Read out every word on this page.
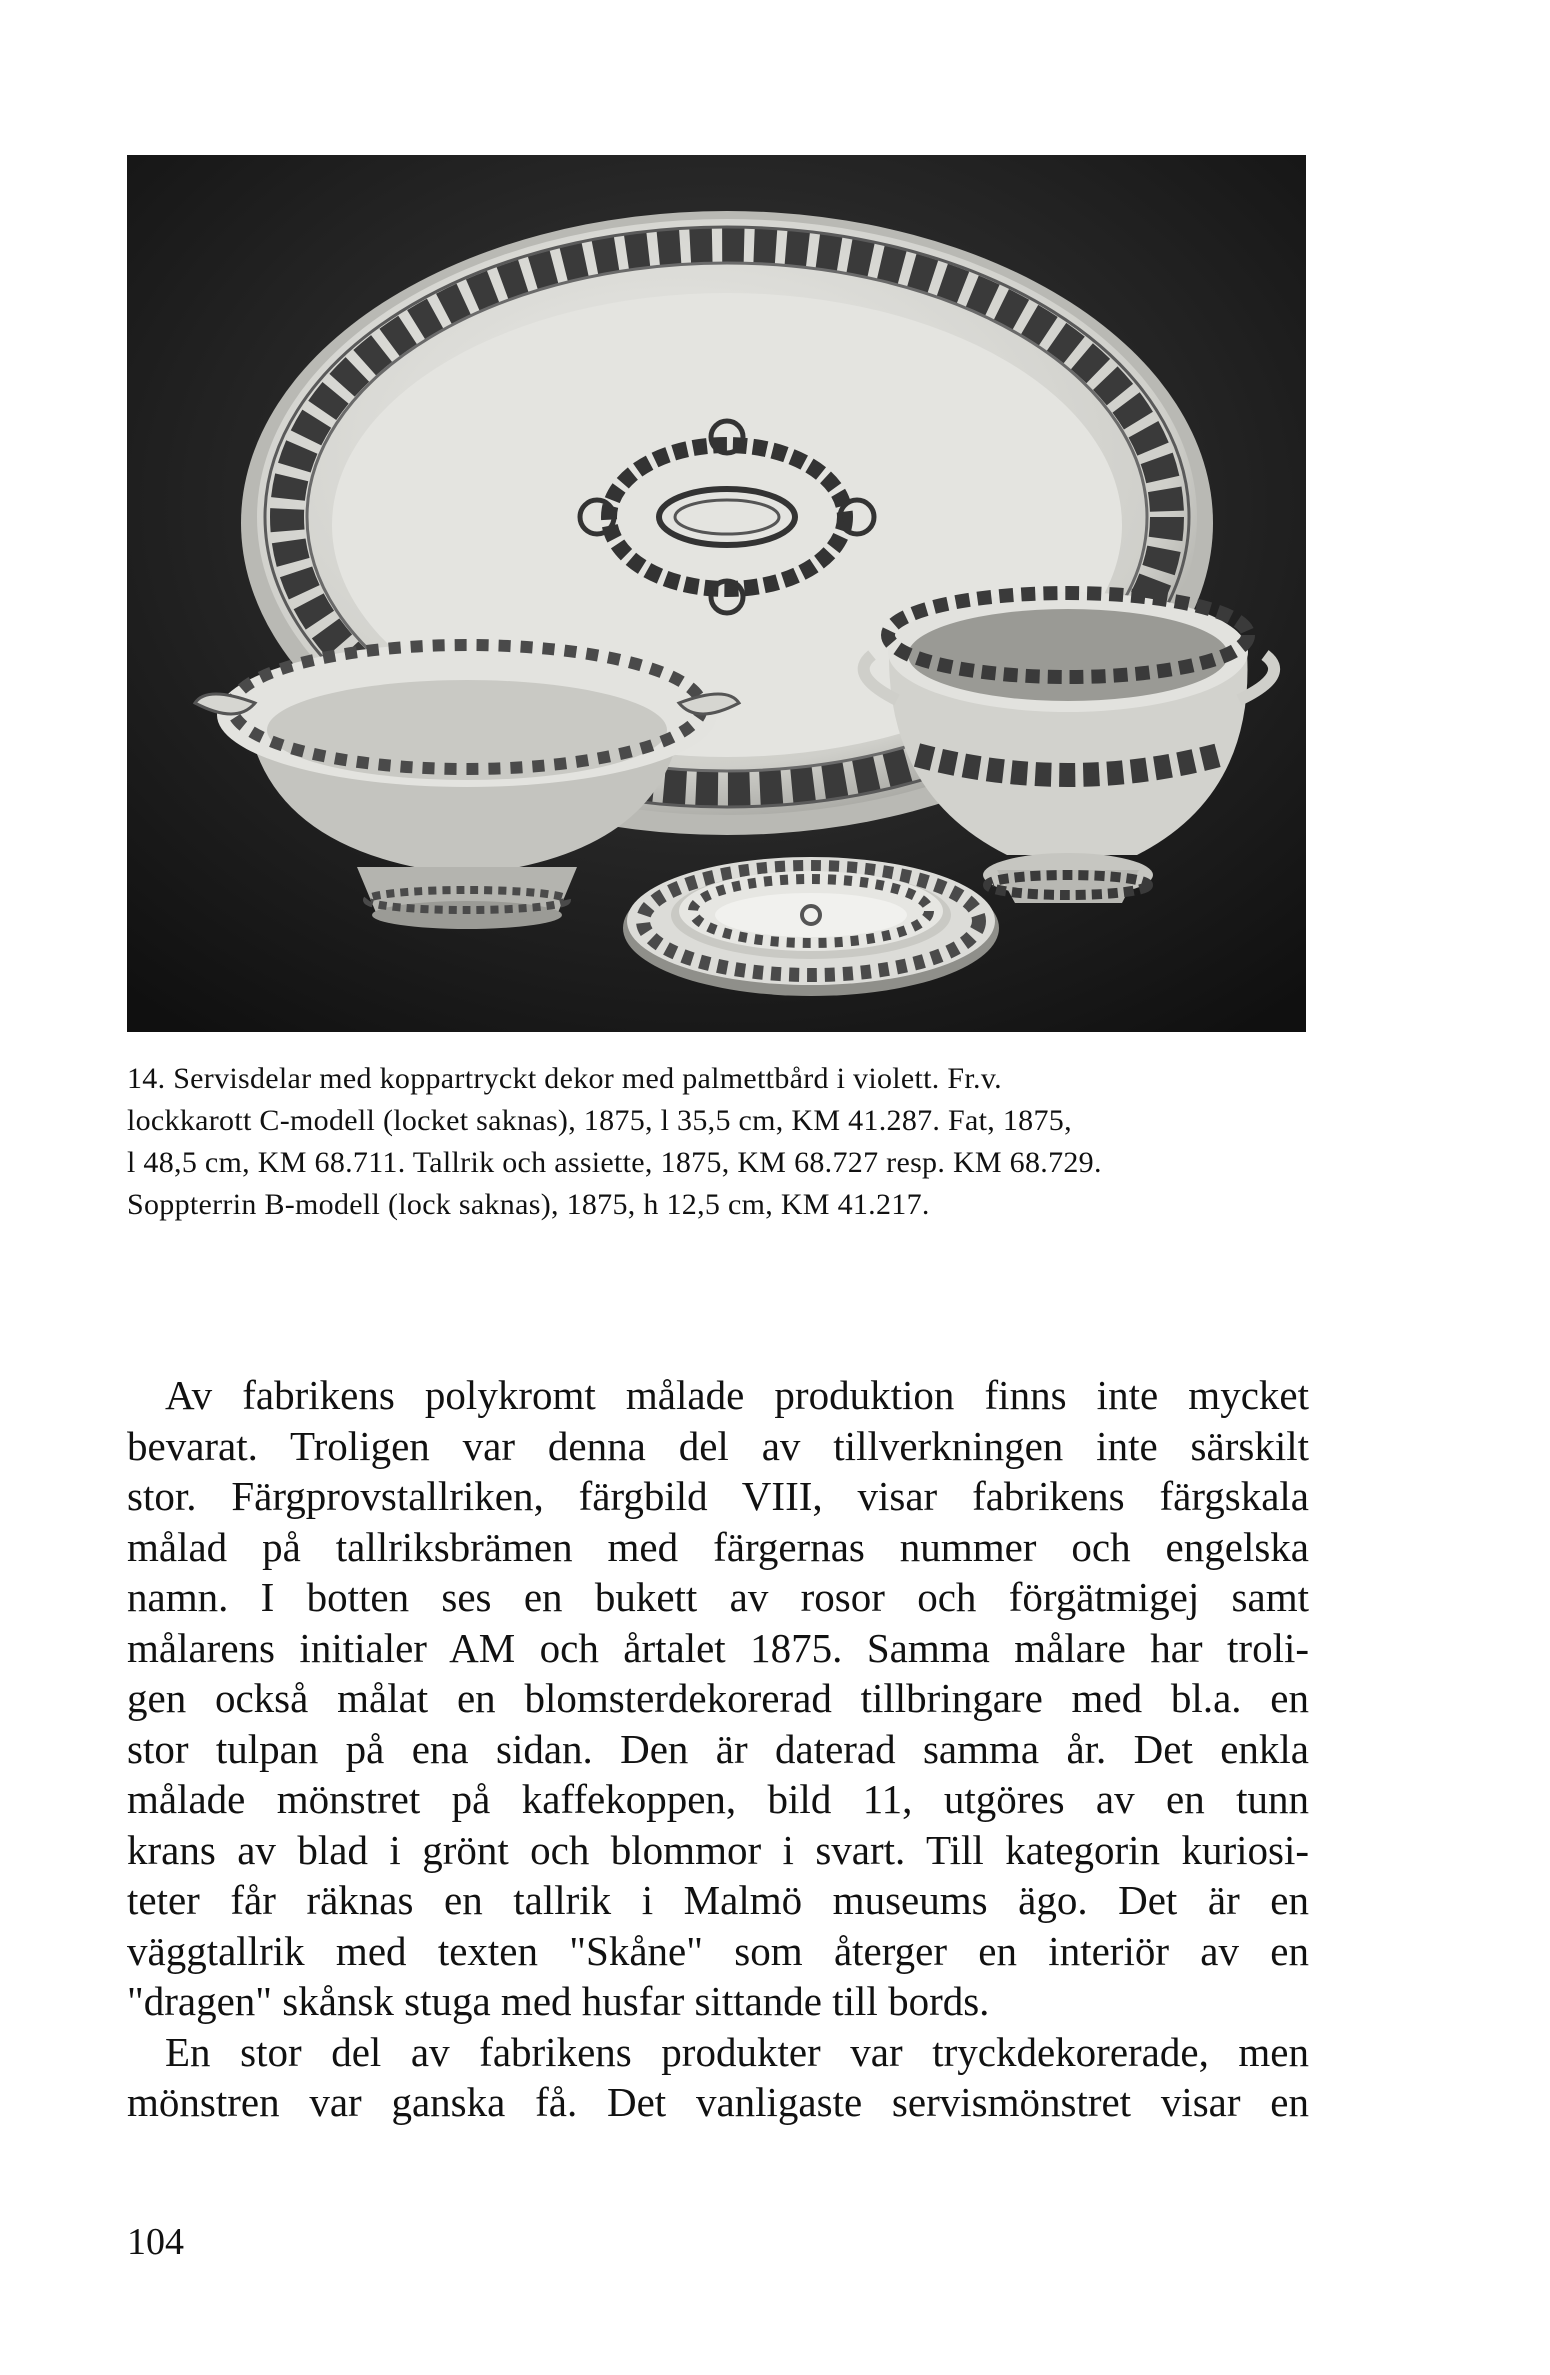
14. Servisdelar med koppartryckt dekor med palmettbård i violett. Fr.v.

lockkarott C-modell (locket saknas), 1875, l 35,5 cm, KM 41.287. Fat, 1875,

l 48,5 cm, KM 68.711. Tallrik och assiette, 1875, KM 68.727 resp. KM 68.729.

Soppterrin B-modell (lock saknas), 1875, h 12,5 cm, KM 41.217.

Av fabrikens polykromt målade produktion finns inte mycket
bevarat. Troligen var denna del av tillverkningen inte särskilt
stor. Färgprovstallriken, färgbild VIII, visar fabrikens färgskala
målad på tallriksbrämen med färgernas nummer och engelska
namn. I botten ses en bukett av rosor och förgätmigej samt
målarens initialer AM och årtalet 1875. Samma målare har troli-
gen också målat en blomsterdekorerad tillbringare med bl.a. en
stor tulpan på ena sidan. Den är daterad samma år. Det enkla
målade mönstret på kaffekoppen, bild 11, utgöres av en tunn
krans av blad i grönt och blommor i svart. Till kategorin kuriosi-
teter får räknas en tallrik i Malmö museums ägo. Det är en
väggtallrik med texten "Skåne" som återger en interiör av en
"dragen" skånsk stuga med husfar sittande till bords.

En stor del av fabrikens produkter var tryckdekorerade, men
mönstren var ganska få. Det vanligaste servismönstret visar en

104
